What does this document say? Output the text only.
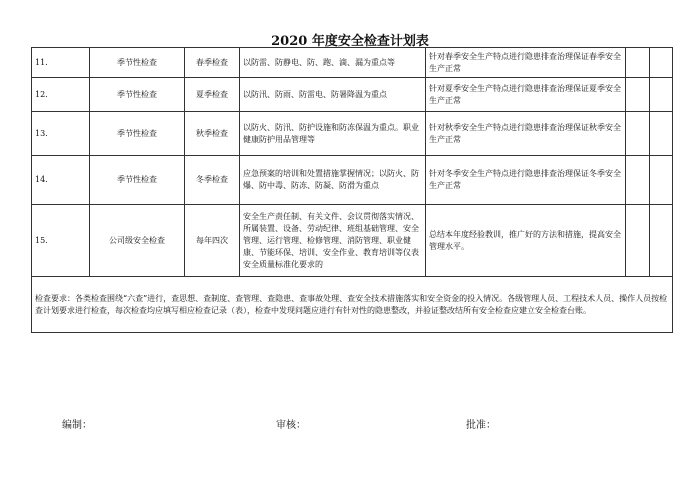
2020 年度安全检查计划表
11.	季节性检查	春季检查	以防雷、防静电、防、跑、滴、漏为重点等	针对春季安全生产特点进行隐患排查治理保证春季安全生产正常		
12.	季节性检查	夏季检查	以防汛、防雨、防雷电、防暑降温为重点	针对夏季安全生产特点进行隐患排查治理保证夏季安全生产正常		
13.	季节性检查	秋季检查	以防火、防汛、防护设施和防冻保温为重点。职业健康防护用品管理等	针对秋季安全生产特点进行隐患排查治理保证秋季安全生产正常		
14.	季节性检查	冬季检查	应急预案的培训和处置措施掌握情况；以防火、防爆、防中毒、防冻、防凝、防滑为重点	针对冬季安全生产特点进行隐患排查治理保证冬季安全生产正常		
15.	公司级安全检查	每年四次	安全生产责任制、有关文件、会议贯彻落实情况、所属装置、设备、劳动纪律、班组基础管理、安全管理、运行管理、检修管理、消防管理、职业健康、节能环保、培训、安全作业、教育培训等仪表安全质量标准化要求的	总结本年度经验教训，推广好的方法和措施，提高安全管理水平。		
检查要求：各类检查围绕“六查”进行，查思想、查制度、查管理、查隐患、查事故处理、查安全技术措施落实和安全资金的投入情况。各级管理人员、工程技术人员、操作人员按检查计划要求进行检查，每次检查均应填写相应检查记录（表），检查中发现问题应进行有针对性的隐患整改，并验证整改结所有安全检查应建立安全检查台账。						
编制：	审核：	批准：
